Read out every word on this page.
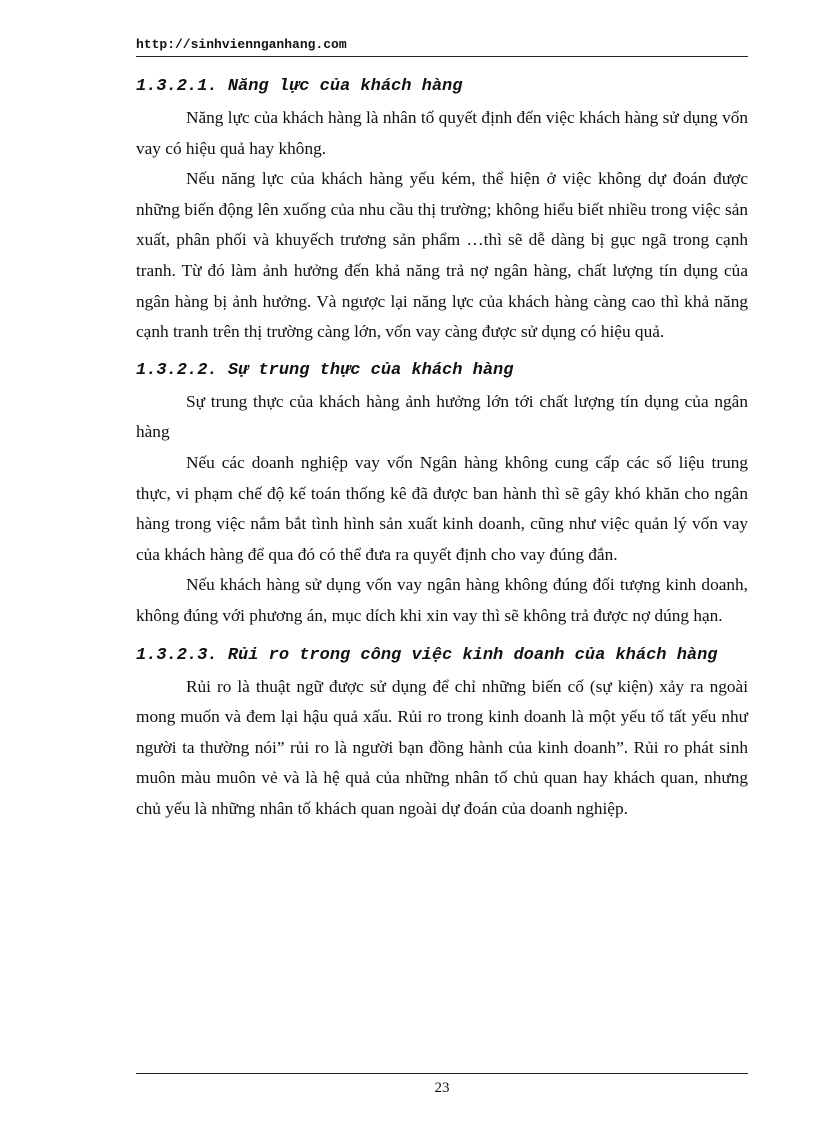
http://sinhviennganhang.com
1.3.2.1. Năng lực của khách hàng

Năng lực của khách hàng là nhân tố quyết định đến việc khách hàng sử dụng vốn vay có hiệu quả hay không.

Nếu năng lực của khách hàng yếu kém, thể hiện ở việc không dự đoán được những biến động lên xuống của nhu cầu thị trường; không hiểu biết nhiều trong việc sản xuất, phân phối và khuyếch trương sản phẩm …thì sẽ dễ dàng bị gục ngã trong cạnh tranh. Từ đó làm ảnh hưởng đến khả năng trả nợ ngân hàng, chất lượng tín dụng của ngân hàng bị ảnh hưởng. Và ngược lại năng lực của khách hàng càng cao thì khả năng cạnh tranh trên thị trường càng lớn, vốn vay càng được sử dụng có hiệu quả.

1.3.2.2. Sự trung thực của khách hàng

Sự trung thực của khách hàng ảnh hưởng lớn tới chất lượng tín dụng của ngân hàng

Nếu các doanh nghiệp vay vốn Ngân hàng không cung cấp các số liệu trung thực, vi phạm chế độ kế toán thống kê đã được ban hành thì sẽ gây khó khăn cho ngân hàng trong việc nắm bắt tình hình sản xuất kinh doanh, cũng như việc quản lý vốn vay của khách hàng để qua đó có thể đưa ra quyết định cho vay đúng đắn.

Nếu khách hàng sử dụng vốn vay ngân hàng không đúng đối tượng kinh doanh, không đúng với phương án, mục dích khi xin vay thì sẽ không trả được nợ dúng hạn.

1.3.2.3. Rủi ro trong công việc kinh doanh của khách hàng

Rủi ro là thuật ngữ được sử dụng để chỉ những biến cố (sự kiện) xảy ra ngoài mong muốn và đem lại hậu quả xấu. Rủi ro trong kinh doanh là một yếu tố tất yếu như người ta thường nói” rủi ro là người bạn đồng hành của kinh doanh”. Rủi ro phát sinh muôn màu muôn vẻ và là hệ quả của những nhân tố chủ quan hay khách quan, nhưng chủ yếu là những nhân tố khách quan ngoài dự đoán của doanh nghiệp.

23
